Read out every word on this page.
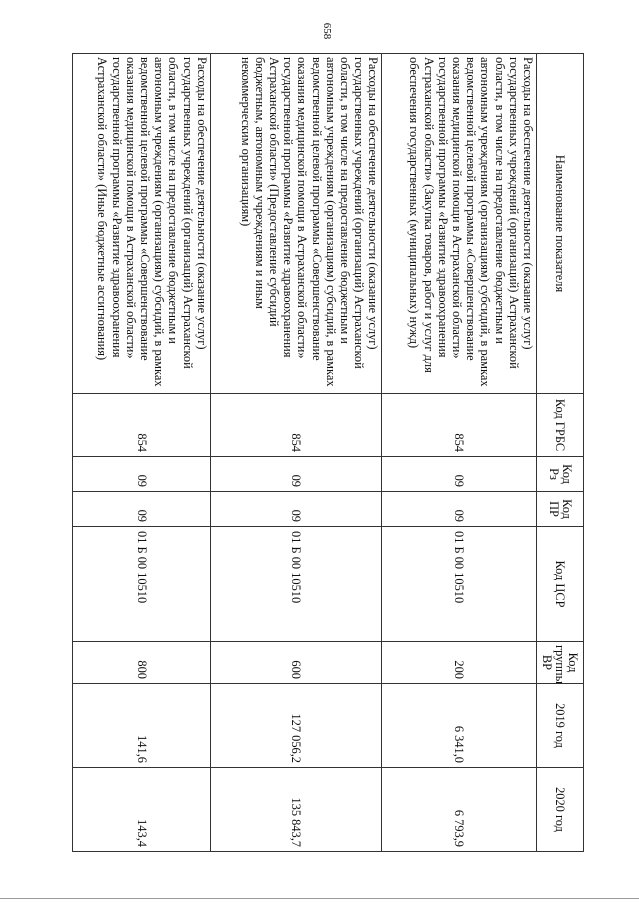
658
Наименование показателя	Код ГРБС	Код Рз	Код ПР	Код ЦСР	Код группы ВР	2019 год	2020 год
Расходы на обеспечение деятельности (оказание услуг) государственных учреждений (организаций) Астраханской области, в том числе на предоставление бюджетным и автономным учреждениям (организациям) субсидий, в рамках ведомственной целевой программы «Совершенствование оказания медицинской помощи в Астраханской области» государственной программы «Развитие здравоохранения Астраханской области» (Закупка товаров, работ и услуг для обеспечения государственных (муниципальных) нужд)	854	09	09	01 Б 00 10510	200	6 341,0	6 793,9
Расходы на обеспечение деятельности (оказание услуг) государственных учреждений (организаций) Астраханской области, в том числе на предоставление бюджетным и автономным учреждениям (организациям) субсидий, в рамках ведомственной целевой программы «Совершенствование оказания медицинской помощи в Астраханской области» государственной программы «Развитие здравоохранения Астраханской области» (Предоставление субсидий бюджетным, автономным учреждениям и иным некоммерческим организациям)	854	09	09	01 Б 00 10510	600	127 056,2	135 843,7
Расходы на обеспечение деятельности (оказание услуг) государственных учреждений (организаций) Астраханской области, в том числе на предоставление бюджетным и автономным учреждениям (организациям) субсидий, в рамках ведомственной целевой программы «Совершенствование оказания медицинской помощи в Астраханской области» государственной программы «Развитие здравоохранения Астраханской области» (Иные бюджетные ассигнования)	854	09	09	01 Б 00 10510	800	141,6	143,4
